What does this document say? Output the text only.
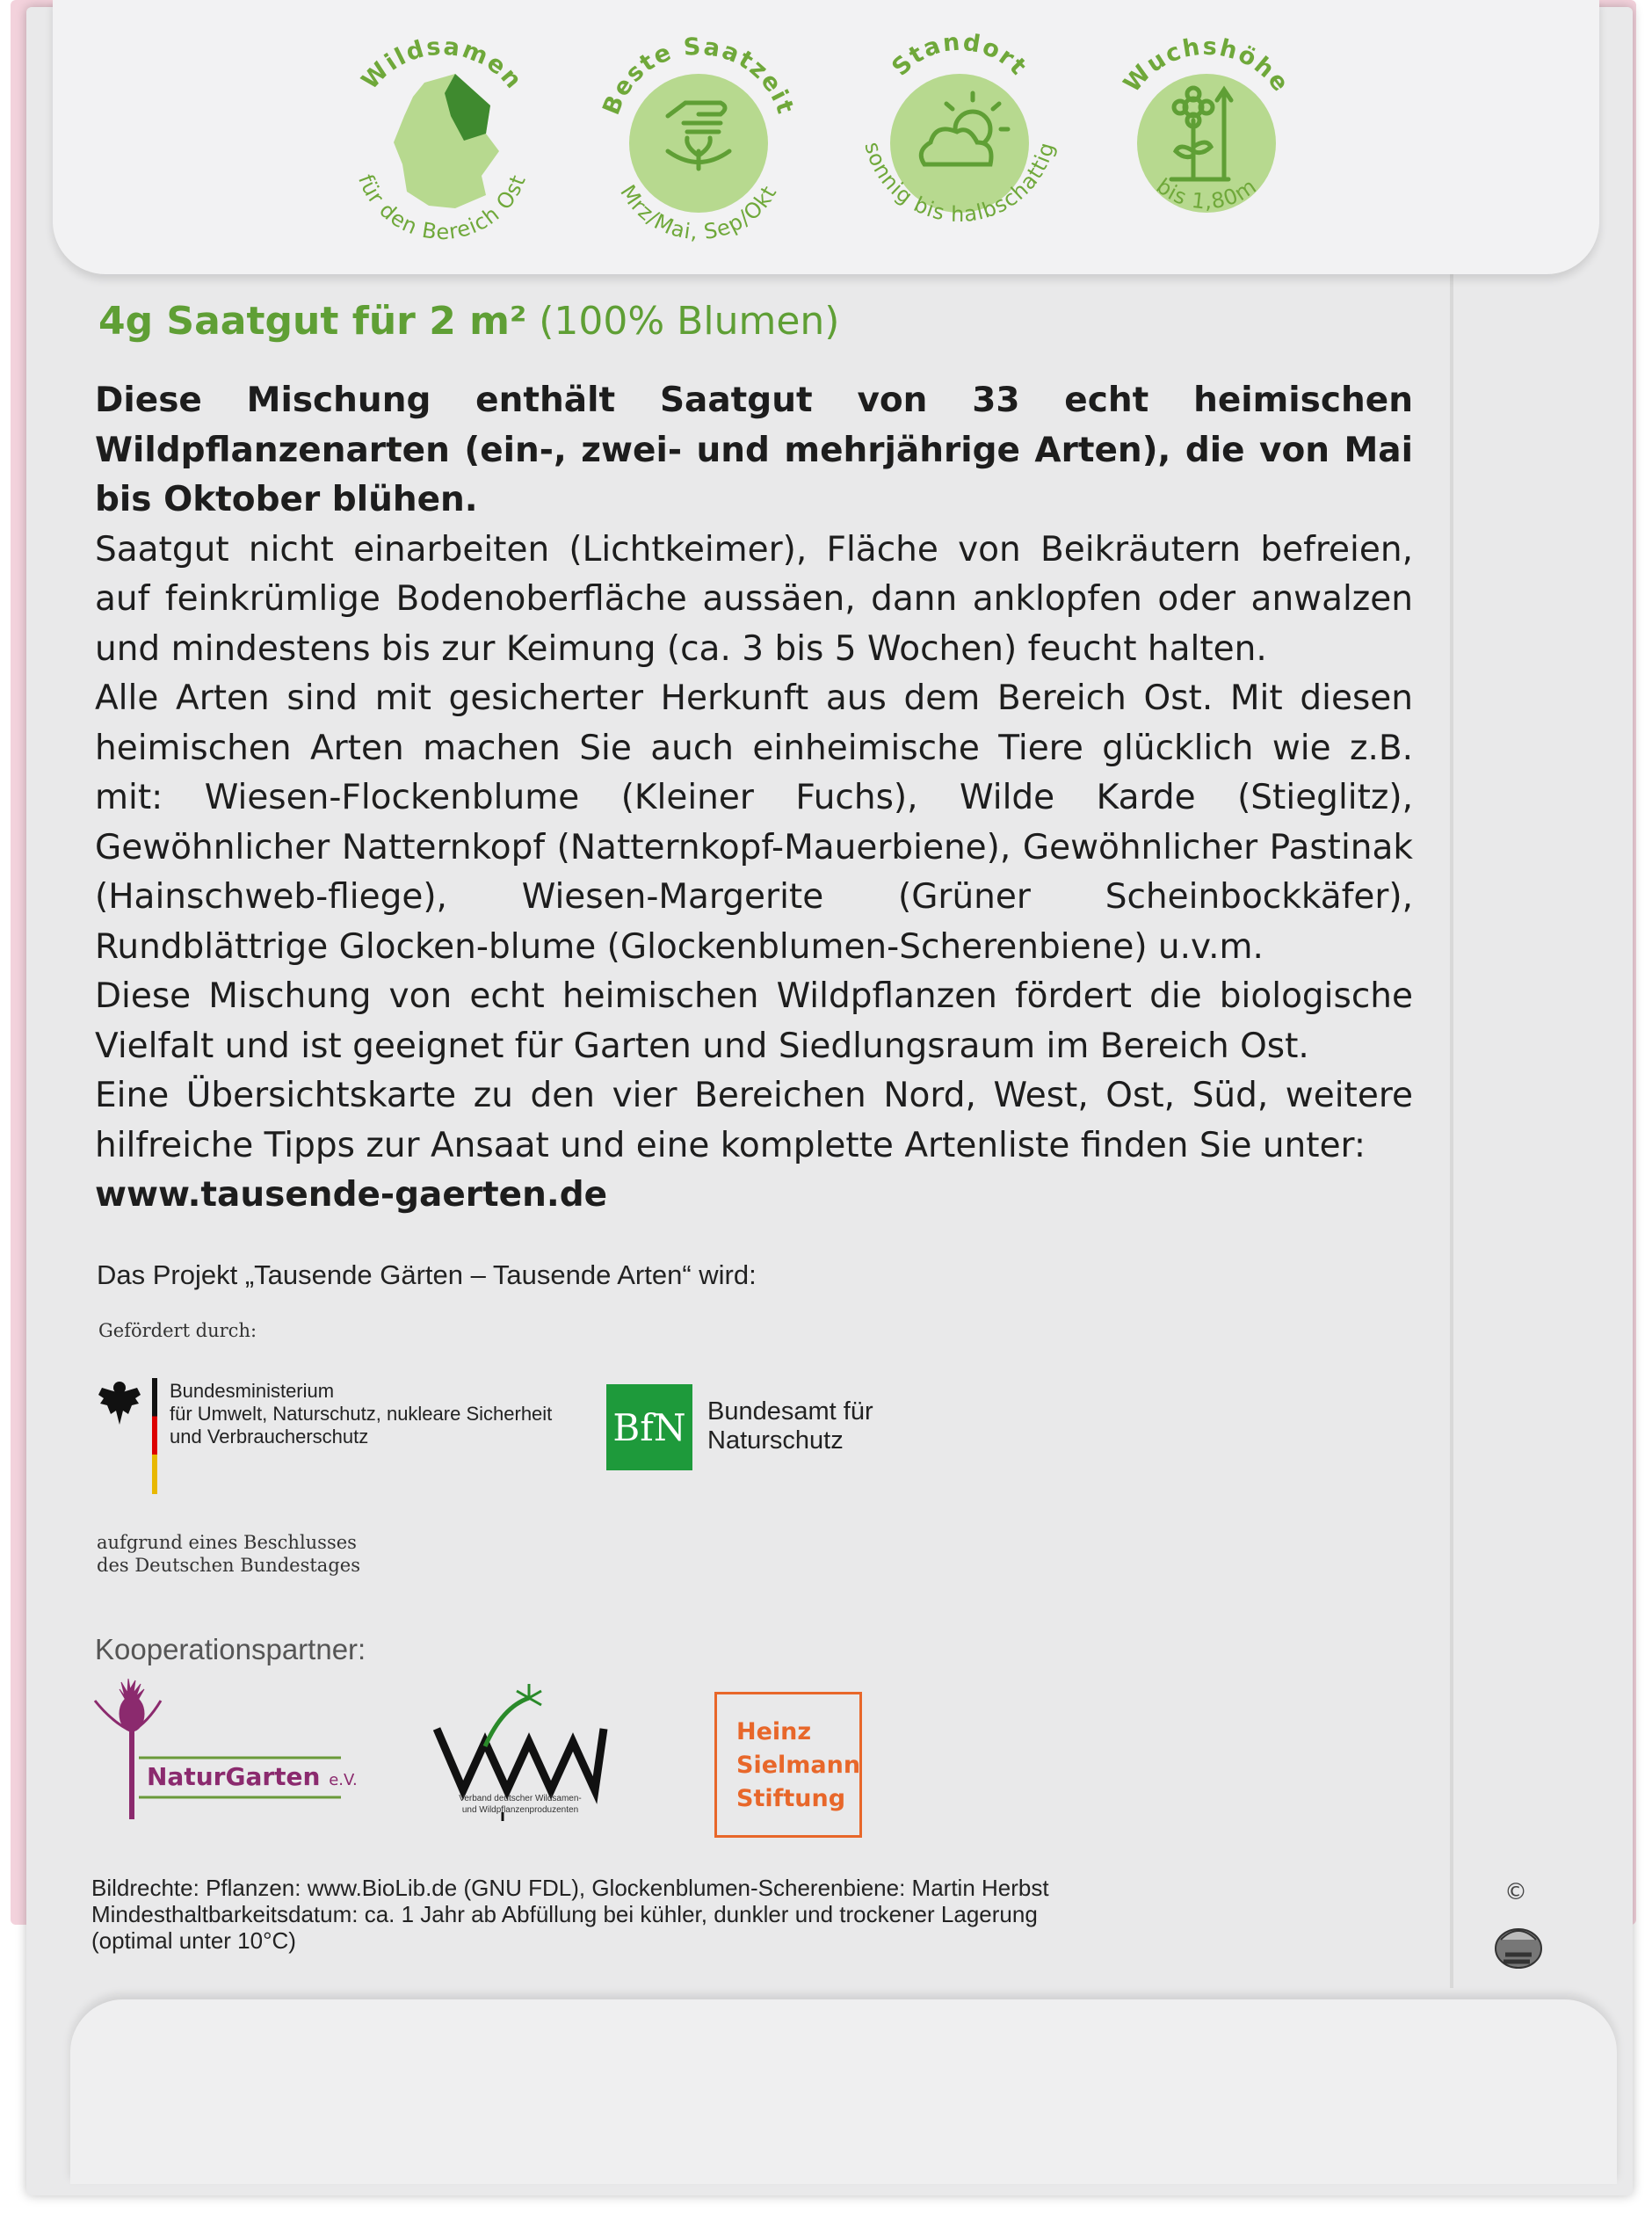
Wildsamen
für den Bereich Ost
Beste Saatzeit
Mrz/Mai, Sep/Okt
Standort
sonnig bis halbschattig
Wuchshöhe
bis 1,80m
4g Saatgut für 2 m² (100% Blumen)

Diese Mischung enthält Saatgut von 33 echt heimischen Wildpflanzenarten (ein-, zwei- und mehrjährige Arten), die von Mai bis Oktober blühen.

Saatgut nicht einarbeiten (Lichtkeimer), Fläche von Beikräutern befreien, auf feinkrümlige Bodenoberfläche aussäen, dann anklopfen oder anwalzen und mindestens bis zur Keimung (ca. 3 bis 5 Wochen) feucht halten.

Alle Arten sind mit gesicherter Herkunft aus dem Bereich Ost. Mit diesen heimischen Arten machen Sie auch einheimische Tiere glücklich wie z.B. mit: Wiesen-Flockenblume (Kleiner Fuchs), Wilde Karde (Stieglitz), Gewöhnlicher Natternkopf (Natternkopf-Mauerbiene), Gewöhnlicher Pastinak (Hainschweb-fliege), Wiesen-Margerite (Grüner Scheinbockkäfer), Rundblättrige Glocken-blume (Glockenblumen-Scherenbiene) u.v.m.

Diese Mischung von echt heimischen Wildpflanzen fördert die biologische Vielfalt und ist geeignet für Garten und Siedlungsraum im Bereich Ost.

Eine Übersichtskarte zu den vier Bereichen Nord, West, Ost, Süd, weitere hilfreiche Tipps zur Ansaat und eine komplette Artenliste finden Sie unter:

www.tausende-gaerten.de

Das Projekt „Tausende Gärten – Tausende Arten“ wird:
Gefördert durch:
Bundesministerium
für Umwelt, Naturschutz, nukleare Sicherheit
und Verbraucherschutz	BfN Bundesamt für
Naturschutz
aufgrund eines Beschlusses
des Deutschen Bundestages
Kooperationspartner:
NaturGarten e.V.
Verband deutscher Wildsamen-
und Wildpflanzenproduzenten
Heinz
Sielmann
Stiftung
Bildrechte: Pflanzen: www.BioLib.de (GNU FDL), Glockenblumen-Scherenbiene: Martin Herbst
Mindesthaltbarkeitsdatum: ca. 1 Jahr ab Abfüllung bei kühler, dunkler und trockener Lagerung
(optimal unter 10°C)
©
